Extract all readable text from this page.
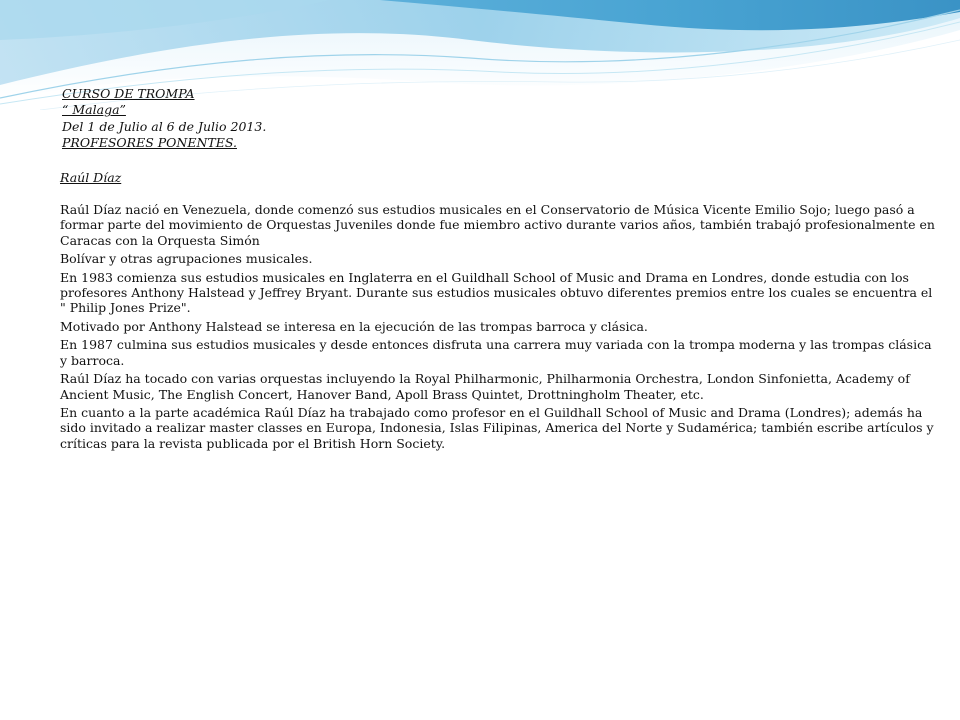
CURSO DE TROMPA

“ Malaga”

Del 1 de Julio al 6 de Julio 2013.

PROFESORES PONENTES.

Raúl Díaz

Raúl Díaz nació en Venezuela, donde comenzó sus estudios musicales en el Conservatorio de Música Vicente Emilio Sojo; luego pasó a formar parte del movimiento de Orquestas Juveniles donde fue miembro activo durante varios años, también trabajó profesionalmente en Caracas con la Orquesta Simón

Bolívar y otras agrupaciones musicales.

En 1983 comienza sus estudios musicales en Inglaterra en el Guildhall School of Music and Drama en Londres, donde estudia con los profesores Anthony Halstead y Jeffrey Bryant. Durante sus estudios musicales obtuvo diferentes premios entre los cuales se encuentra el " Philip Jones Prize".

Motivado por Anthony Halstead se interesa en la ejecución de las trompas barroca y clásica.

En 1987 culmina sus estudios musicales y desde entonces disfruta una carrera muy variada con la trompa moderna y las trompas clásica y barroca.

Raúl Díaz ha tocado con varias orquestas incluyendo la Royal Philharmonic, Philharmonia Orchestra, London Sinfonietta, Academy of Ancient Music, The English Concert, Hanover Band, Apoll Brass Quintet, Drottningholm Theater, etc.

En cuanto a la parte académica Raúl Díaz ha trabajado como profesor en el Guildhall School of Music and Drama (Londres); además ha sido invitado a realizar master classes en Europa, Indonesia, Islas Filipinas, America del Norte y Sudamérica; también escribe artículos y críticas para la revista publicada por el British Horn Society.
